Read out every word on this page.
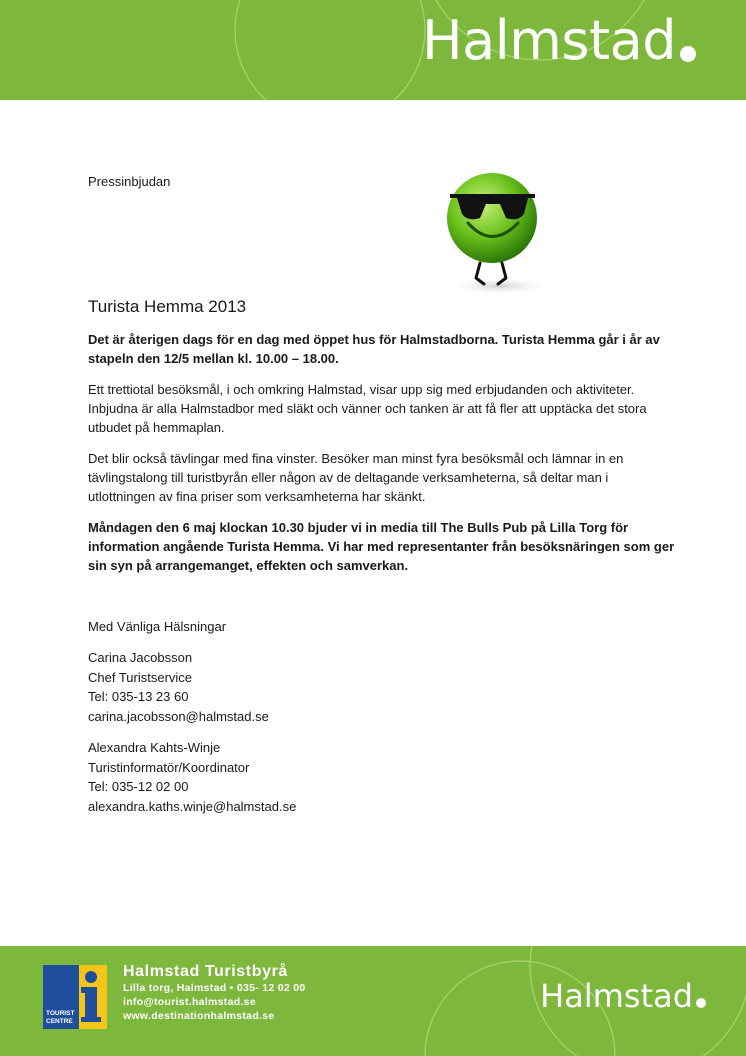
Halmstad

Pressinbjudan

Turista Hemma 2013

Det är återigen dags för en dag med öppet hus för Halmstadborna. Turista Hemma går i år av stapeln den 12/5 mellan kl. 10.00 – 18.00.

Ett trettiotal besöksmål, i och omkring Halmstad, visar upp sig med erbjudanden och aktiviteter. Inbjudna är alla Halmstadbor med släkt och vänner och tanken är att få fler att upptäcka det stora utbudet på hemmaplan.

Det blir också tävlingar med fina vinster. Besöker man minst fyra besöksmål och lämnar in en tävlingstalong till turistbyrån eller någon av de deltagande verksamheterna, så deltar man i utlottningen av fina priser som verksamheterna har skänkt.

Måndagen den 6 maj klockan 10.30 bjuder vi in media till The Bulls Pub på Lilla Torg för information angående Turista Hemma. Vi har med representanter från besöksnäringen som ger sin syn på arrangemanget, effekten och samverkan.

Med Vänliga Hälsningar

Carina Jacobsson
Chef Turistservice
Tel: 035-13 23 60
carina.jacobsson@halmstad.se
Alexandra Kahts-Winje
Turistinformatör/Koordinator
Tel: 035-12 02 00
alexandra.kaths.winje@halmstad.se
TOURIST
CENTRE
Halmstad Turistbyrå
Lilla torg, Halmstad • 035- 12 02 00
info@tourist.halmstad.se
www.destinationhalmstad.se
Halmstad
